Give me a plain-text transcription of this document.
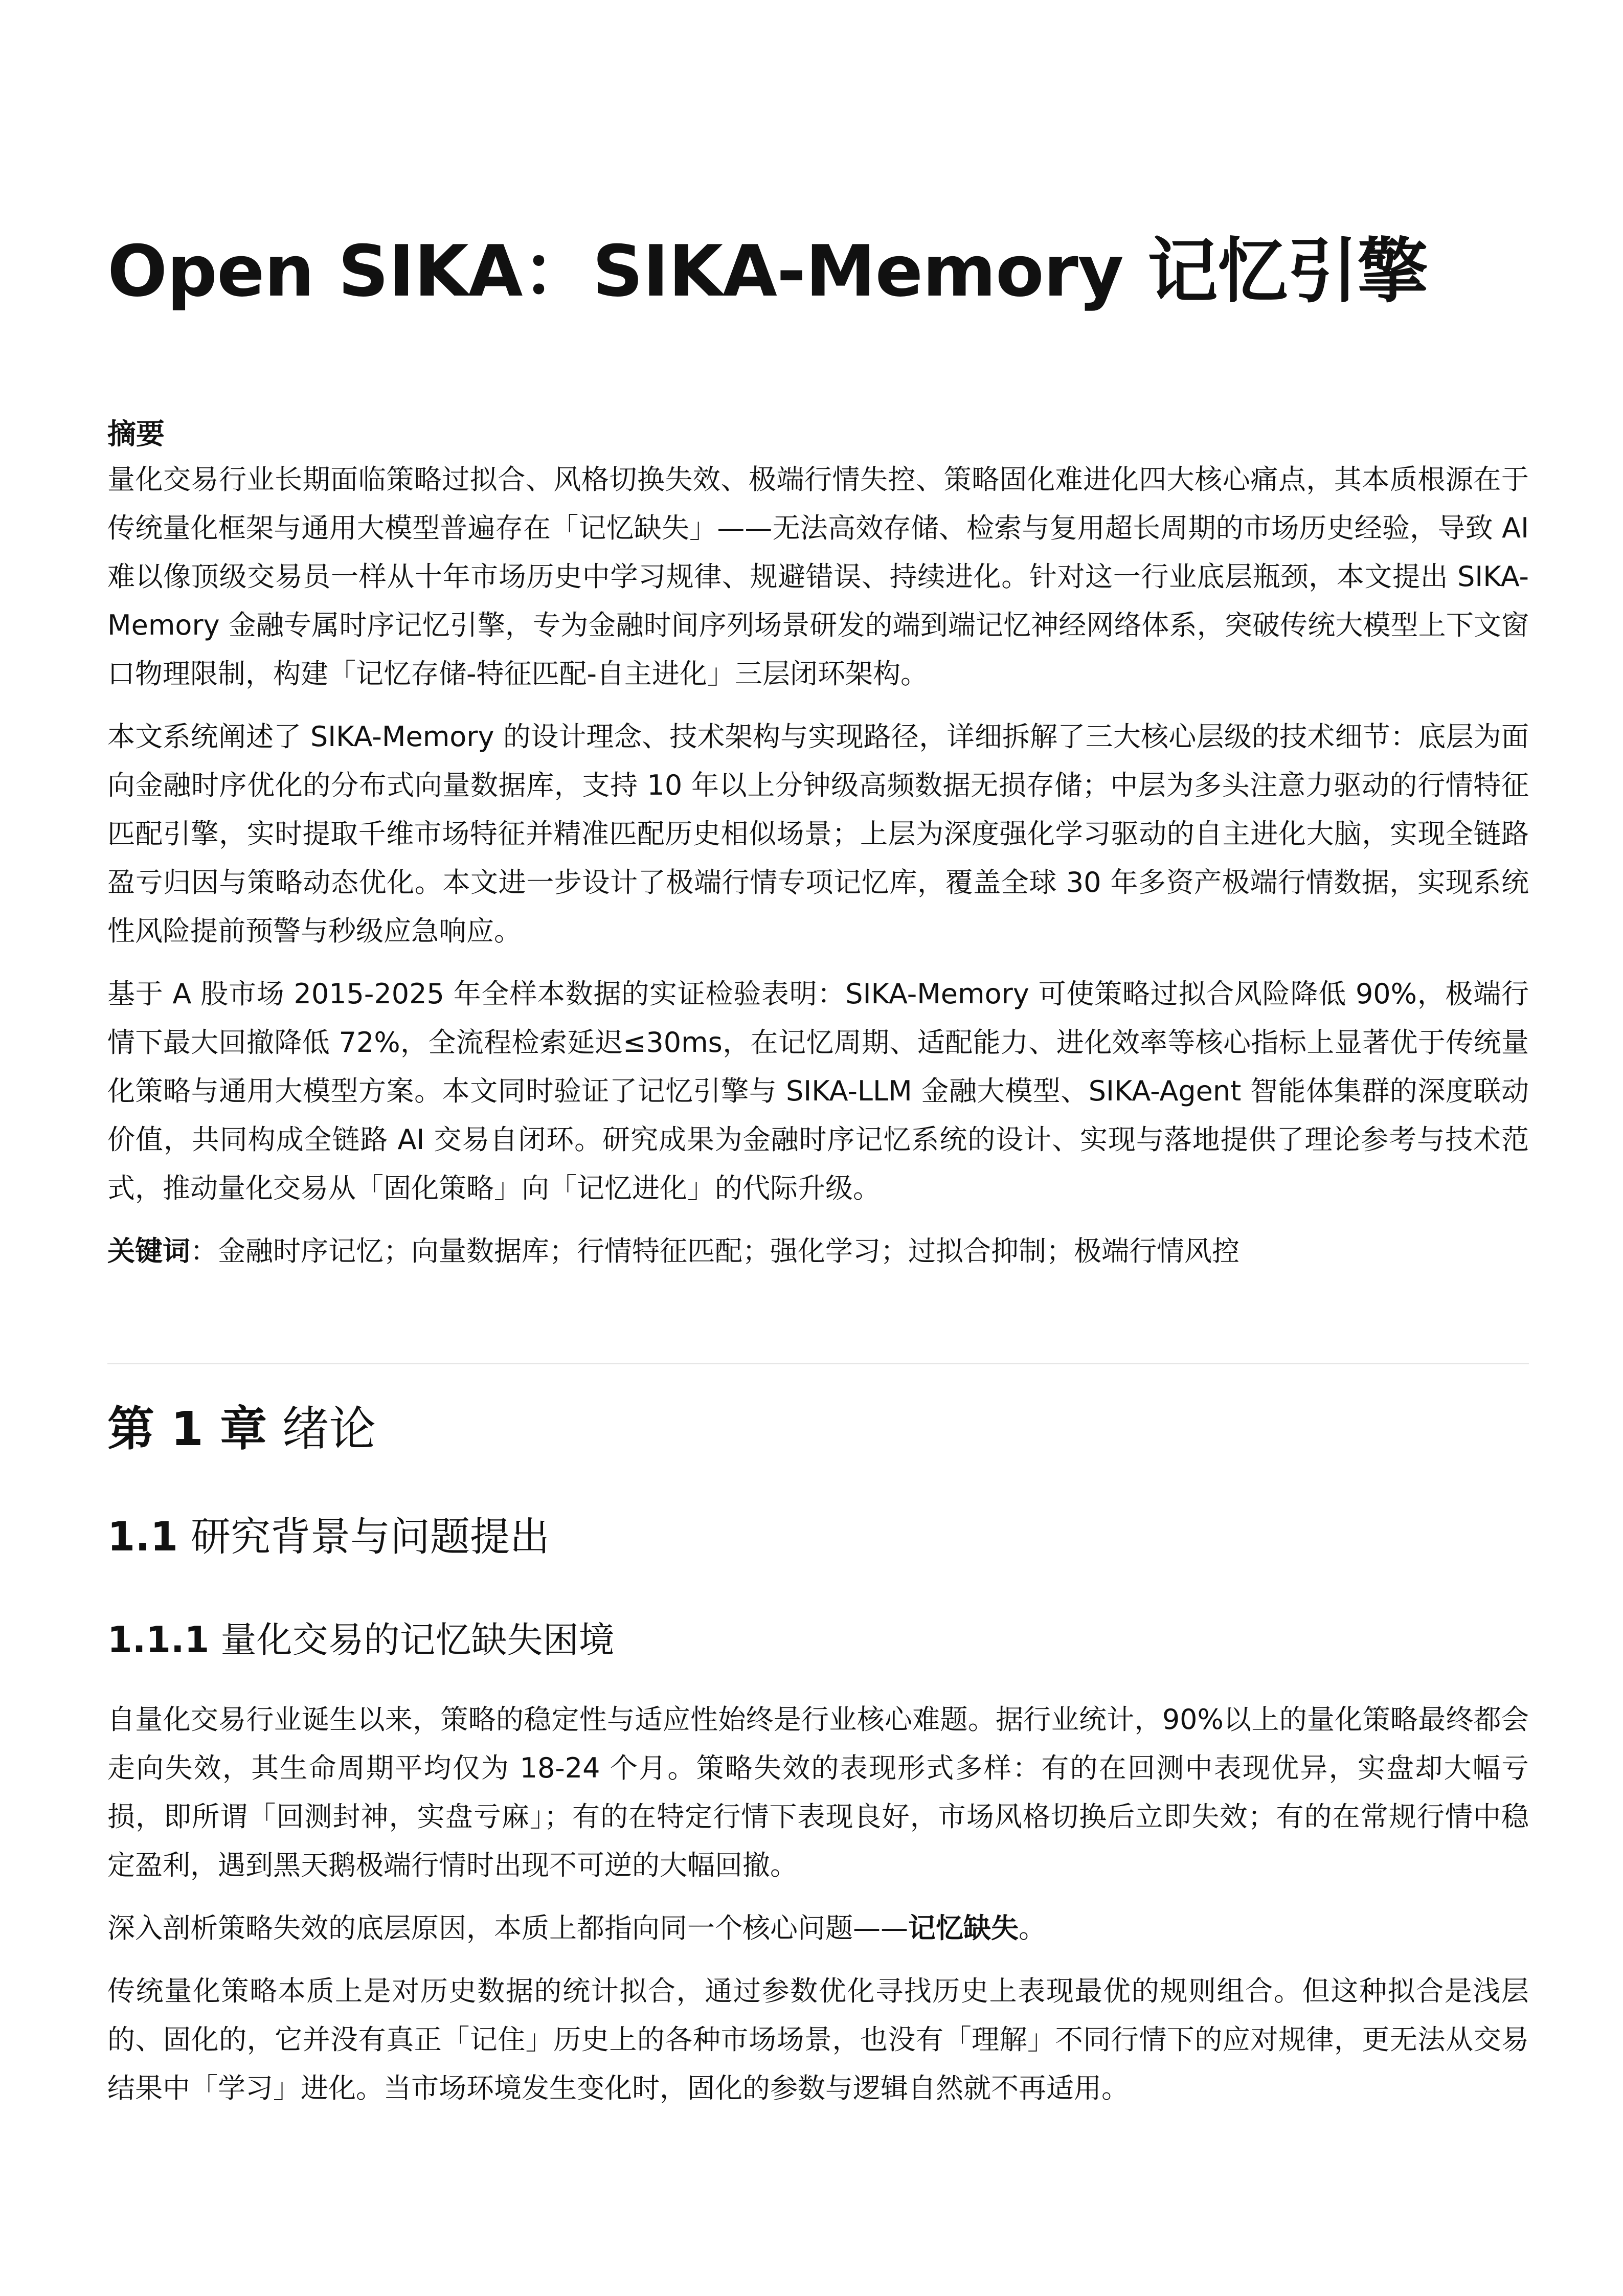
Open SIKA：SIKA-Memory 记忆引擎

摘要

量化交易行业长期面临策略过拟合、风格切换失效、极端行情失控、策略固化难进化四大核心痛点，其本质根源在于传统量化框架与通用大模型普遍存在「记忆缺失」——无法高效存储、检索与复用超长周期的市场历史经验，导致 AI 难以像顶级交易员一样从十年市场历史中学习规律、规避错误、持续进化。针对这一行业底层瓶颈，本文提出 SIKA-Memory 金融专属时序记忆引擎，专为金融时间序列场景研发的端到端记忆神经网络体系，突破传统大模型上下文窗口物理限制，构建「记忆存储-特征匹配-自主进化」三层闭环架构。

本文系统阐述了 SIKA-Memory 的设计理念、技术架构与实现路径，详细拆解了三大核心层级的技术细节：底层为面向金融时序优化的分布式向量数据库，支持 10 年以上分钟级高频数据无损存储；中层为多头注意力驱动的行情特征匹配引擎，实时提取千维市场特征并精准匹配历史相似场景；上层为深度强化学习驱动的自主进化大脑，实现全链路盈亏归因与策略动态优化。本文进一步设计了极端行情专项记忆库，覆盖全球 30 年多资产极端行情数据，实现系统性风险提前预警与秒级应急响应。

基于 A 股市场 2015-2025 年全样本数据的实证检验表明：SIKA-Memory 可使策略过拟合风险降低 90%，极端行情下最大回撤降低 72%，全流程检索延迟≤30ms，在记忆周期、适配能力、进化效率等核心指标上显著优于传统量化策略与通用大模型方案。本文同时验证了记忆引擎与 SIKA-LLM 金融大模型、SIKA-Agent 智能体集群的深度联动价值，共同构成全链路 AI 交易自闭环。研究成果为金融时序记忆系统的设计、实现与落地提供了理论参考与技术范式，推动量化交易从「固化策略」向「记忆进化」的代际升级。

关键词：金融时序记忆；向量数据库；行情特征匹配；强化学习；过拟合抑制；极端行情风控

第 1 章 绪论
1.1 研究背景与问题提出
1.1.1 量化交易的记忆缺失困境

自量化交易行业诞生以来，策略的稳定性与适应性始终是行业核心难题。据行业统计，90%以上的量化策略最终都会走向失效，其生命周期平均仅为 18-24 个月。策略失效的表现形式多样：有的在回测中表现优异，实盘却大幅亏损，即所谓「回测封神，实盘亏麻」；有的在特定行情下表现良好，市场风格切换后立即失效；有的在常规行情中稳定盈利，遇到黑天鹅极端行情时出现不可逆的大幅回撤。

深入剖析策略失效的底层原因，本质上都指向同一个核心问题——记忆缺失。

传统量化策略本质上是对历史数据的统计拟合，通过参数优化寻找历史上表现最优的规则组合。但这种拟合是浅层的、固化的，它并没有真正「记住」历史上的各种市场场景，也没有「理解」不同行情下的应对规律，更无法从交易结果中「学习」进化。当市场环境发生变化时，固化的参数与逻辑自然就不再适用。
